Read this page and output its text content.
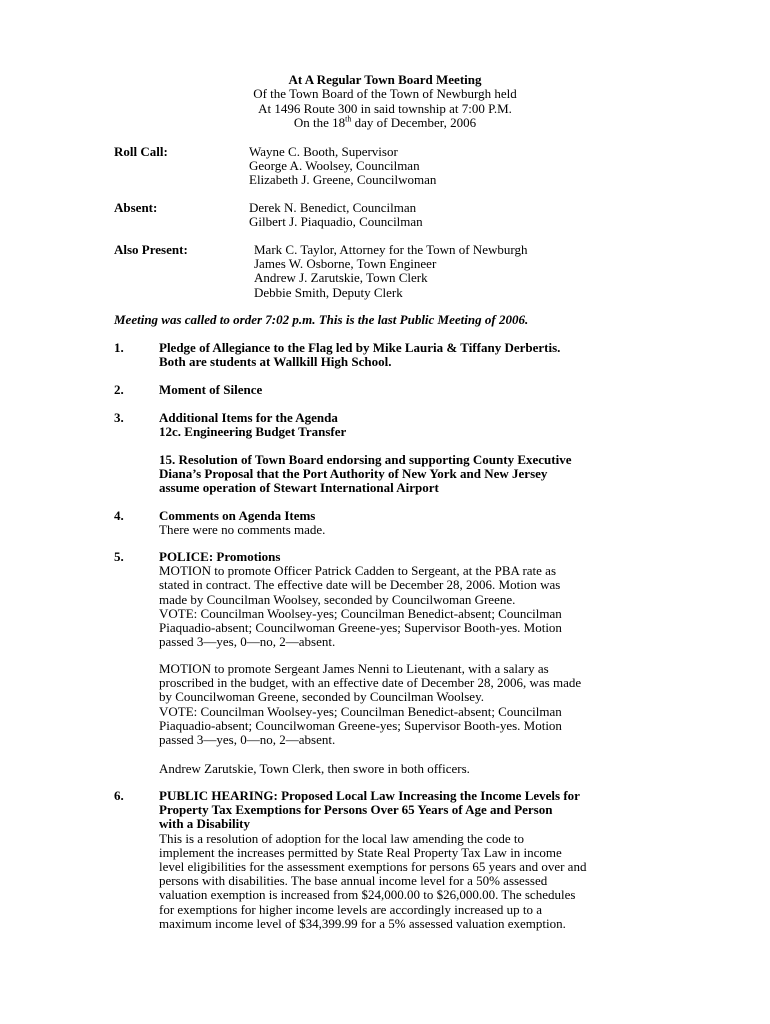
At A Regular Town Board Meeting
Of the Town Board of the Town of Newburgh held
At 1496 Route 300 in said township at 7:00 P.M.
On the 18th day of December, 2006
Roll Call:	Wayne C. Booth, Supervisor
George A. Woolsey, Councilman
Elizabeth J. Greene, Councilwoman
Absent:	Derek N. Benedict, Councilman
Gilbert J. Piaquadio, Councilman
Also Present:	Mark C. Taylor, Attorney for the Town of Newburgh
James W. Osborne, Town Engineer
Andrew J. Zarutskie, Town Clerk
Debbie Smith, Deputy Clerk
Meeting was called to order 7:02 p.m. This is the last Public Meeting of 2006.
1.	Pledge of Allegiance to the Flag led by Mike Lauria & Tiffany Derbertis.
Both are students at Wallkill High School.
2.	Moment of Silence
3.	Additional Items for the Agenda
12c. Engineering Budget Transfer
15. Resolution of Town Board endorsing and supporting County Executive
Diana’s Proposal that the Port Authority of New York and New Jersey
assume operation of Stewart International Airport
4.	Comments on Agenda Items
There were no comments made.
5.	POLICE: Promotions
MOTION to promote Officer Patrick Cadden to Sergeant, at the PBA rate as
stated in contract. The effective date will be December 28, 2006. Motion was
made by Councilman Woolsey, seconded by Councilwoman Greene.
VOTE: Councilman Woolsey-yes; Councilman Benedict-absent; Councilman
Piaquadio-absent; Councilwoman Greene-yes; Supervisor Booth-yes. Motion
passed 3—yes, 0—no, 2—absent.
MOTION to promote Sergeant James Nenni to Lieutenant, with a salary as
proscribed in the budget, with an effective date of December 28, 2006, was made
by Councilwoman Greene, seconded by Councilman Woolsey.
VOTE: Councilman Woolsey-yes; Councilman Benedict-absent; Councilman
Piaquadio-absent; Councilwoman Greene-yes; Supervisor Booth-yes. Motion
passed 3—yes, 0—no, 2—absent.
Andrew Zarutskie, Town Clerk, then swore in both officers.
6.	PUBLIC HEARING: Proposed Local Law Increasing the Income Levels for
Property Tax Exemptions for Persons Over 65 Years of Age and Person
with a Disability
This is a resolution of adoption for the local law amending the code to
implement the increases permitted by State Real Property Tax Law in income
level eligibilities for the assessment exemptions for persons 65 years and over and
persons with disabilities. The base annual income level for a 50% assessed
valuation exemption is increased from $24,000.00 to $26,000.00. The schedules
for exemptions for higher income levels are accordingly increased up to a
maximum income level of $34,399.99 for a 5% assessed valuation exemption.
